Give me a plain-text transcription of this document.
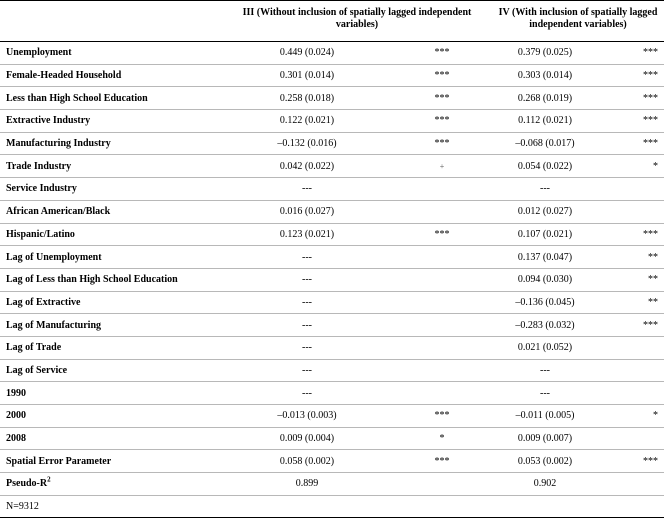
	III (Without inclusion of spatially lagged independent variables)		IV (With inclusion of spatially lagged independent variables)	
Unemployment	0.449 (0.024)	***	0.379 (0.025)	***
Female-Headed Household	0.301 (0.014)	***	0.303 (0.014)	***
Less than High School Education	0.258 (0.018)	***	0.268 (0.019)	***
Extractive Industry	0.122 (0.021)	***	0.112 (0.021)	***
Manufacturing Industry	–0.132 (0.016)	***	–0.068 (0.017)	***
Trade Industry	0.042 (0.022)	+	0.054 (0.022)	*
Service Industry	---		---	
African American/Black	0.016 (0.027)		0.012 (0.027)	
Hispanic/Latino	0.123 (0.021)	***	0.107 (0.021)	***
Lag of Unemployment	---		0.137 (0.047)	**
Lag of Less than High School Education	---		0.094 (0.030)	**
Lag of Extractive	---		–0.136 (0.045)	**
Lag of Manufacturing	---		–0.283 (0.032)	***
Lag of Trade	---		0.021 (0.052)	
Lag of Service	---		---	
1990	---		---	
2000	–0.013 (0.003)	***	–0.011 (0.005)	*
2008	0.009 (0.004)	*	0.009 (0.007)	
Spatial Error Parameter	0.058 (0.002)	***	0.053 (0.002)	***
Pseudo-$R^2$	0.899		0.902	
N=9312				
